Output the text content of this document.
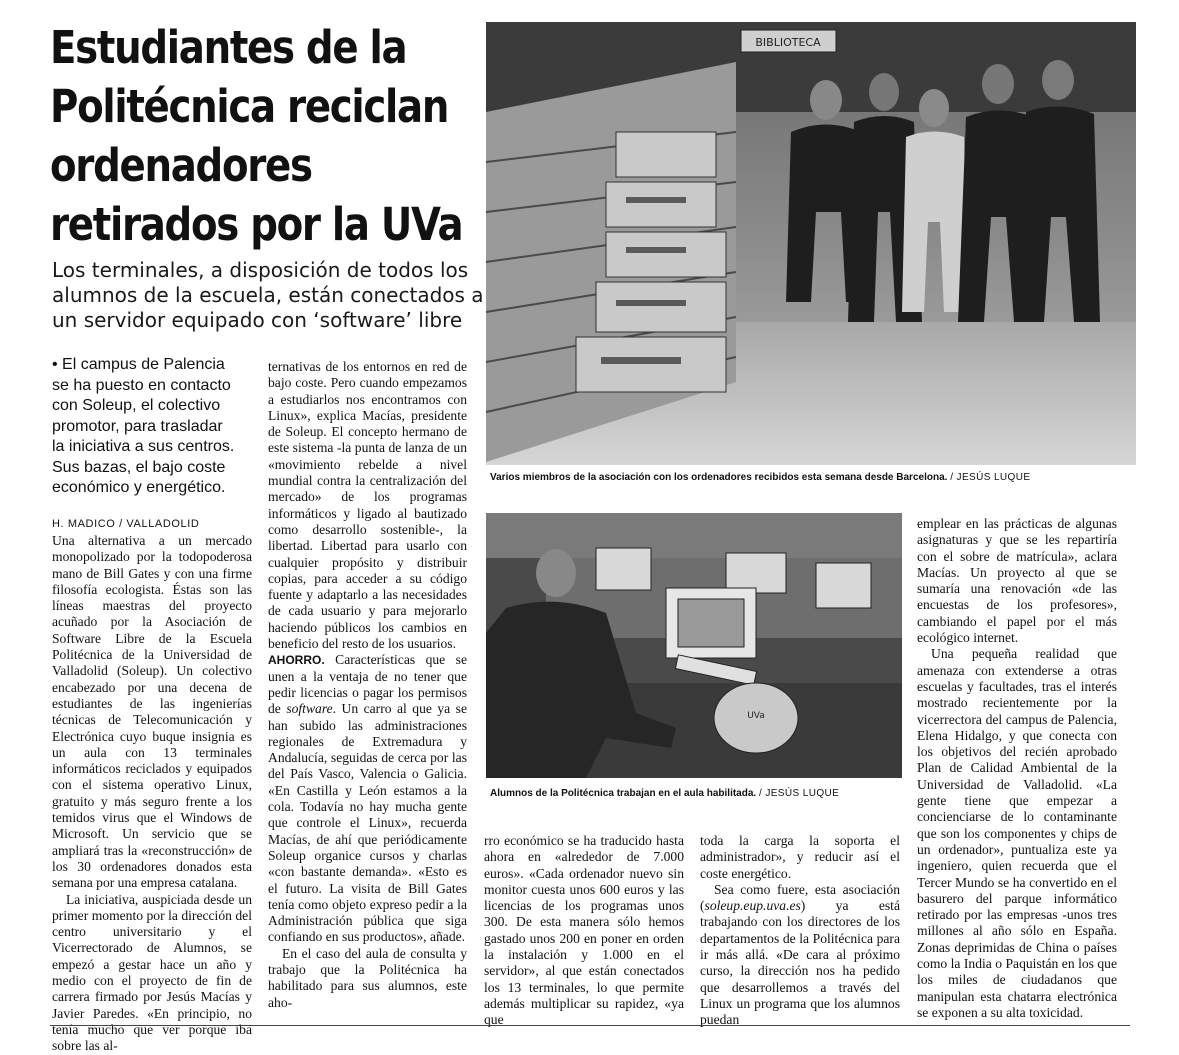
Estudiantes de la
Politécnica reciclan
ordenadores
retirados por la UVa
Los terminales, a disposición de todos los
alumnos de la escuela, están conectados a
un servidor equipado con ‘software’ libre
• El campus de Palencia
se ha puesto en contacto
con Soleup, el colectivo
promotor, para trasladar
la iniciativa a sus centros.
Sus bazas, el bajo coste
económico y energético.
H. MADICO / VALLADOLID
BIBLIOTECA
Varios miembros de la asociación con los ordenadores recibidos esta semana desde Barcelona. / JESÚS LUQUE
UVa
Alumnos de la Politécnica trabajan en el aula habilitada. / JESÚS LUQUE

Una alternativa a un mercado monopolizado por la todopoderosa mano de Bill Gates y con una firme filosofía ecologista. Éstas son las líneas maestras del proyecto acuñado por la Asociación de Software Libre de la Escuela Politécnica de la Universidad de Valladolid (Soleup). Un colectivo encabezado por una decena de estudiantes de las ingenierías técnicas de Telecomunicación y Electrónica cuyo buque insignia es un aula con 13 terminales informáticos reciclados y equipados con el sistema operativo Linux, gratuito y más seguro frente a los temidos virus que el Windows de Microsoft. Un servicio que se ampliará tras la «reconstrucción» de los 30 ordenadores donados esta semana por una empresa catalana.

La iniciativa, auspiciada desde un primer momento por la dirección del centro universitario y el Vicerrectorado de Alumnos, se empezó a gestar hace un año y medio con el proyecto de fin de carrera firmado por Jesús Macías y Javier Paredes. «En principio, no tenía mucho que ver porque iba sobre las al-

ternativas de los entornos en red de bajo coste. Pero cuando empezamos a estudiarlos nos encontramos con Linux», explica Macías, presidente de Soleup. El concepto hermano de este sistema -la punta de lanza de un «movimiento rebelde a nivel mundial contra la centralización del mercado» de los programas informáticos y ligado al bautizado como desarrollo sostenible-, la libertad. Libertad para usarlo con cualquier propósito y distribuir copias, para acceder a su código fuente y adaptarlo a las necesidades de cada usuario y para mejorarlo haciendo públicos los cambios en beneficio del resto de los usuarios.

AHORRO. Características que se unen a la ventaja de no tener que pedir licencias o pagar los permisos de software. Un carro al que ya se han subido las administraciones regionales de Extremadura y Andalucía, seguidas de cerca por las del País Vasco, Valencia o Galicia. «En Castilla y León estamos a la cola. Todavía no hay mucha gente que controle el Linux», recuerda Macías, de ahí que periódicamente Soleup organice cursos y charlas «con bastante demanda». «Esto es el futuro. La visita de Bill Gates tenía como objeto expreso pedir a la Administración pública que siga confiando en sus productos», añade.

En el caso del aula de consulta y trabajo que la Politécnica ha habilitado para sus alumnos, este aho-

rro económico se ha traducido hasta ahora en «alrededor de 7.000 euros». «Cada ordenador nuevo sin monitor cuesta unos 600 euros y las licencias de los programas unos 300. De esta manera sólo hemos gastado unos 200 en poner en orden la instalación y 1.000 en el servidor», al que están conectados los 13 terminales, lo que permite además multiplicar su rapidez, «ya que

toda la carga la soporta el administrador», y reducir así el coste energético.

Sea como fuere, esta asociación (soleup.eup.uva.es) ya está trabajando con los directores de los departamentos de la Politécnica para ir más allá. «De cara al próximo curso, la dirección nos ha pedido que desarrollemos a través del Linux un programa que los alumnos puedan

emplear en las prácticas de algunas asignaturas y que se les repartiría con el sobre de matrícula», aclara Macías. Un proyecto al que se sumaría una renovación «de las encuestas de los profesores», cambiando el papel por el más ecológico internet.

Una pequeña realidad que amenaza con extenderse a otras escuelas y facultades, tras el interés mostrado recientemente por la vicerrectora del campus de Palencia, Elena Hidalgo, y que conecta con los objetivos del recién aprobado Plan de Calidad Ambiental de la Universidad de Valladolid. «La gente tiene que empezar a concienciarse de lo contaminante que son los componentes y chips de un ordenador», puntualiza este ya ingeniero, quien recuerda que el Tercer Mundo se ha convertido en el basurero del parque informático retirado por las empresas -unos tres millones al año sólo en España. Zonas deprimidas de China o países como la India o Paquistán en los que los miles de ciudadanos que manipulan esta chatarra electrónica se exponen a su alta toxicidad.
